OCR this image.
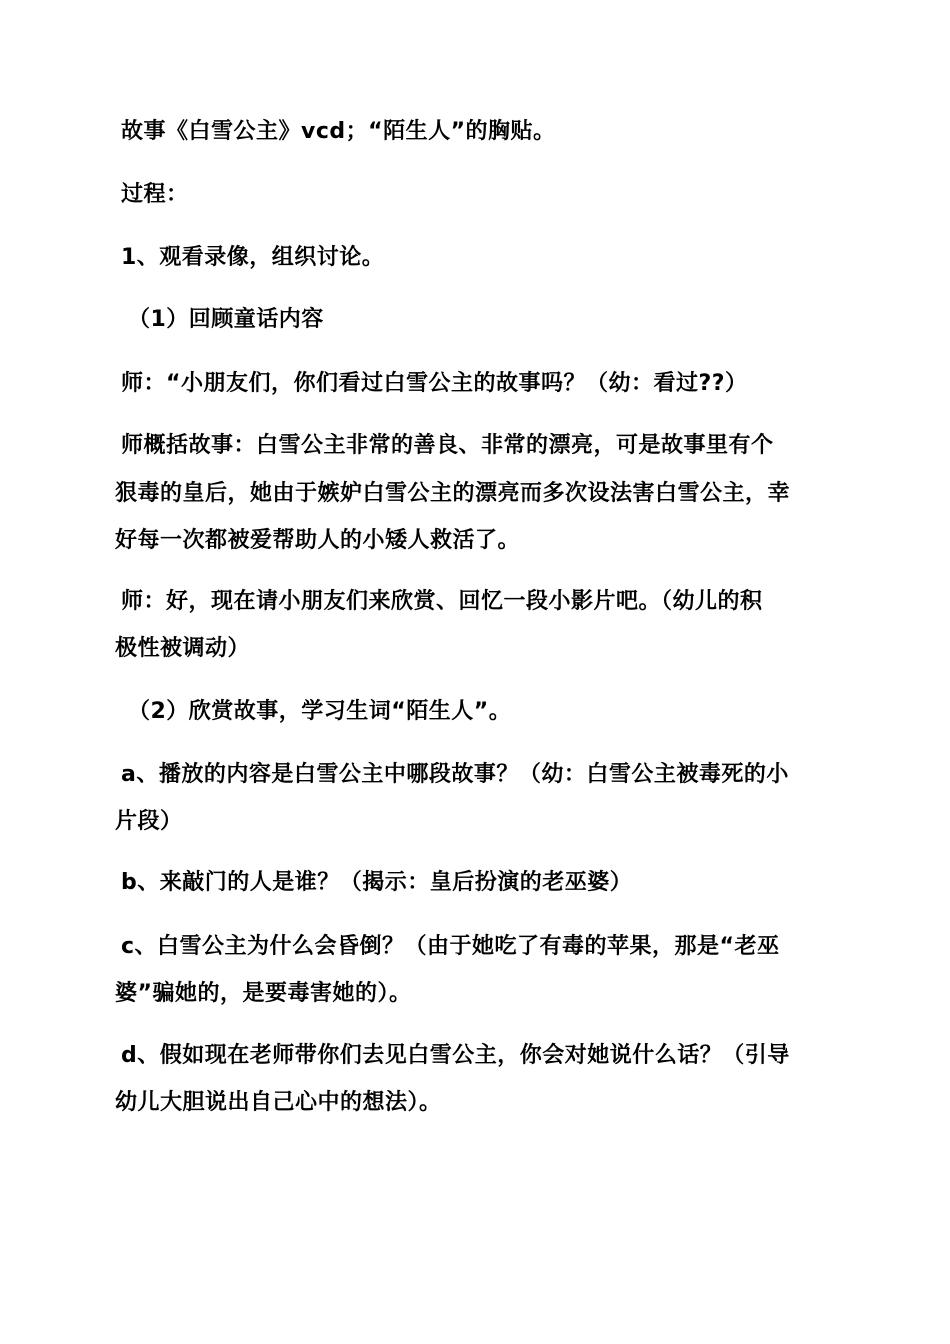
故事《白雪公主》vcd；“陌生人”的胸贴。

过程：

1、观看录像，组织讨论。

（1）回顾童话内容

师：“小朋友们，你们看过白雪公主的故事吗？（幼：看过??）

师概括故事：白雪公主非常的善良、非常的漂亮，可是故事里有个

狠毒的皇后，她由于嫉妒白雪公主的漂亮而多次设法害白雪公主，幸

好每一次都被爱帮助人的小矮人救活了。

师：好，现在请小朋友们来欣赏、回忆一段小影片吧。（幼儿的积

极性被调动）

（2）欣赏故事，学习生词“陌生人”。

a、播放的内容是白雪公主中哪段故事？（幼：白雪公主被毒死的小

片段）

b、来敲门的人是谁？（揭示：皇后扮演的老巫婆）

c、白雪公主为什么会昏倒？（由于她吃了有毒的苹果，那是“老巫

婆”骗她的，是要毒害她的）。

d、假如现在老师带你们去见白雪公主，你会对她说什么话？（引导

幼儿大胆说出自己心中的想法）。
